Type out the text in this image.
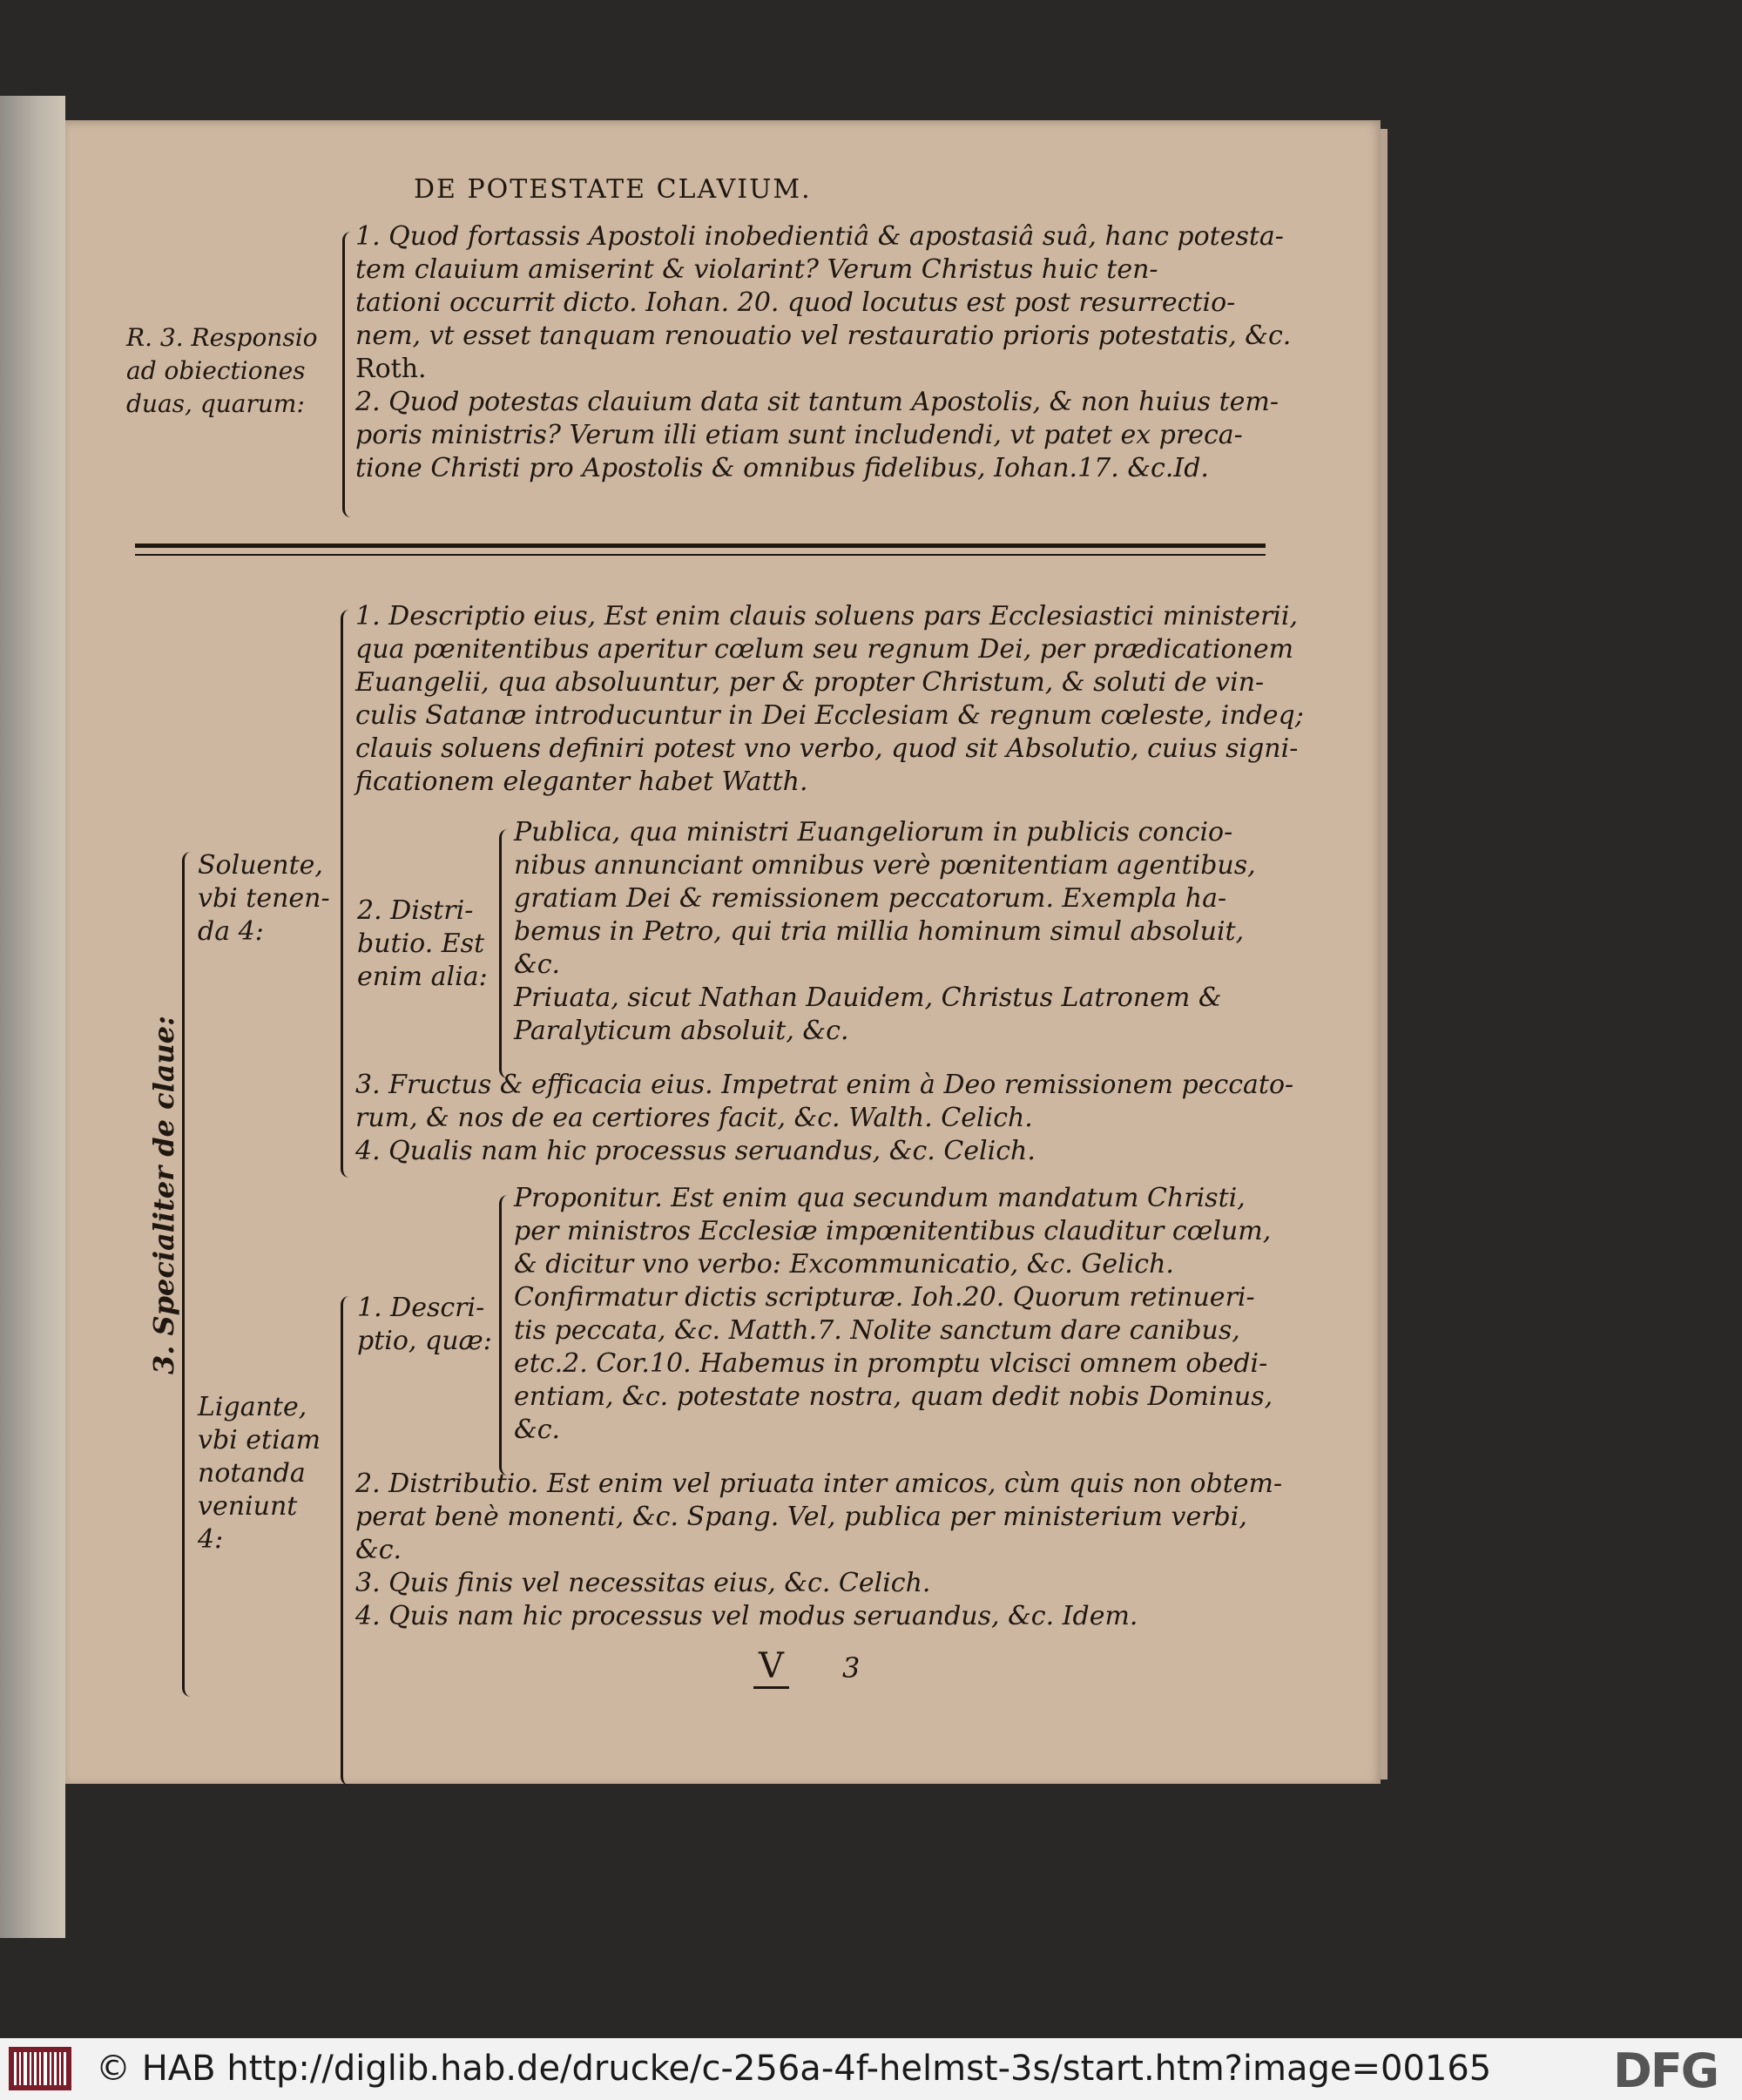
DE POTESTATE CLAVIUM.
R. 3. Responsio
ad obiectiones
duas, quarum:
1. Quod fortassis Apostoli inobedientiâ & apostasiâ suâ, hanc potesta-
tem clauium amiserint & violarint? Verum Christus huic ten-
tationi occurrit dicto. Iohan. 20. quod locutus est post resurrectio-
nem, vt esset tanquam renouatio vel restauratio prioris potestatis, &c.
Roth.
2. Quod potestas clauium data sit tantum Apostolis, & non huius tem-
poris ministris? Verum illi etiam sunt includendi, vt patet ex preca-
tione Christi pro Apostolis & omnibus fidelibus, Iohan.17. &c.Id.
3. Specialiter de claue:
Soluente,
vbi tenen-
da 4:
1. Descriptio eius, Est enim clauis soluens pars Ecclesiastici ministerii,
qua pœnitentibus aperitur cœlum seu regnum Dei, per prædicationem
Euangelii, qua absoluuntur, per & propter Christum, & soluti de vin-
culis Satanæ introducuntur in Dei Ecclesiam & regnum cœleste, indeq;
clauis soluens definiri potest vno verbo, quod sit Absolutio, cuius signi-
ficationem eleganter habet Watth.
2. Distri-
butio. Est
enim alia:
Publica, qua ministri Euangeliorum in publicis concio-
nibus annunciant omnibus verè pœnitentiam agentibus,
gratiam Dei & remissionem peccatorum. Exempla ha-
bemus in Petro, qui tria millia hominum simul absoluit,
&c.
Priuata, sicut Nathan Dauidem, Christus Latronem &
Paralyticum absoluit, &c.
3. Fructus & efficacia eius. Impetrat enim à Deo remissionem peccato-
rum, & nos de ea certiores facit, &c. Walth. Celich.
4. Qualis nam hic processus seruandus, &c. Celich.
Ligante,
vbi etiam
notanda
veniunt
4:
1. Descri-
ptio, quæ:
Proponitur. Est enim qua secundum mandatum Christi,
per ministros Ecclesiæ impœnitentibus clauditur cœlum,
& dicitur vno verbo: Excommunicatio, &c. Gelich.
Confirmatur dictis scripturæ. Ioh.20. Quorum retinueri-
tis peccata, &c. Matth.7. Nolite sanctum dare canibus,
etc.2. Cor.10. Habemus in promptu vlcisci omnem obedi-
entiam, &c. potestate nostra, quam dedit nobis Dominus,
&c.
2. Distributio. Est enim vel priuata inter amicos, cùm quis non obtem-
perat benè monenti, &c. Spang. Vel, publica per ministerium verbi,
&c.
3. Quis finis vel necessitas eius, &c. Celich.
4. Quis nam hic processus vel modus seruandus, &c. Idem.
V 3
© HAB http://diglib.hab.de/drucke/c-256a-4f-helmst-3s/start.htm?image=00165	DFG
